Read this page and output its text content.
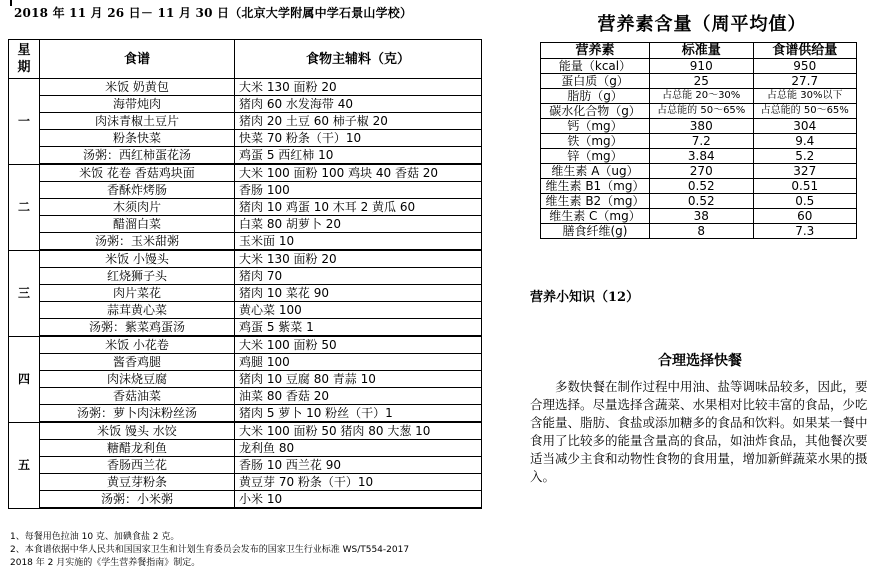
2018 年 11 月 26 日－ 11 月 30 日（北京大学附属中学石景山学校）
星期	食谱	食物主辅料（克）
一	米饭 奶黄包	大米 130 面粉 20
	海带炖肉	猪肉 60 水发海带 40
	肉沫青椒土豆片	猪肉 20 土豆 60 柿子椒 20
	粉条快菜	快菜 70 粉条（干）10
	汤粥：西红柿蛋花汤	鸡蛋 5 西红柿 10
二	米饭 花卷 香菇鸡块面	大米 100 面粉 100 鸡块 40 香菇 20
	香酥炸烤肠	香肠 100
	木须肉片	猪肉 10 鸡蛋 10 木耳 2 黄瓜 60
	醋溜白菜	白菜 80 胡萝卜 20
	汤粥：玉米甜粥	玉米面 10
三	米饭 小馒头	大米 130 面粉 20
	红烧狮子头	猪肉 70
	肉片菜花	猪肉 10 菜花 90
	蒜茸黄心菜	黄心菜 100
	汤粥：紫菜鸡蛋汤	鸡蛋 5 紫菜 1
四	米饭 小花卷	大米 100 面粉 50
	酱香鸡腿	鸡腿 100
	肉沫烧豆腐	猪肉 10 豆腐 80 青蒜 10
	香菇油菜	油菜 80 香菇 20
	汤粥：萝卜肉沫粉丝汤	猪肉 5 萝卜 10 粉丝（干）1
五	米饭 馒头 水饺	大米 100 面粉 50 猪肉 80 大葱 10
	糖醋龙利鱼	龙利鱼 80
	香肠西兰花	香肠 10 西兰花 90
	黄豆芽粉条	黄豆芽 70 粉条（干）10
	汤粥：小米粥	小米 10
1、每餐用色拉油 10 克、加碘食盐 2 克。
2、本食谱依据中华人民共和国国家卫生和计划生育委员会发布的国家卫生行业标准 WS/T554-2017
2018 年 2 月实施的《学生营养餐指南》制定。
营养素含量（周平均值）
营养素	标准量	食谱供给量
能量（kcal）	910	950
蛋白质（g）	25	27.7
脂肪（g）	占总能 20～30%	占总能 30%以下
碳水化合物（g）	占总能的 50～65%	占总能的 50～65%
钙（mg）	380	304
铁（mg）	7.2	9.4
锌（mg）	3.84	5.2
维生素 A（ug）	270	327
维生素 B1（mg）	0.52	0.51
维生素 B2（mg）	0.52	0.5
维生素 C（mg）	38	60
膳食纤维(g)	8	7.3
营养小知识（12）
合理选择快餐

多数快餐在制作过程中用油、盐等调味品较多，因此，要合理选择。尽量选择含蔬菜、水果相对比较丰富的食品，少吃含能量、脂肪、食盐或添加糖多的食品和饮料。如果某一餐中食用了比较多的能量含量高的食品，如油炸食品，其他餐次要适当减少主食和动物性食物的食用量，增加新鲜蔬菜水果的摄入。
